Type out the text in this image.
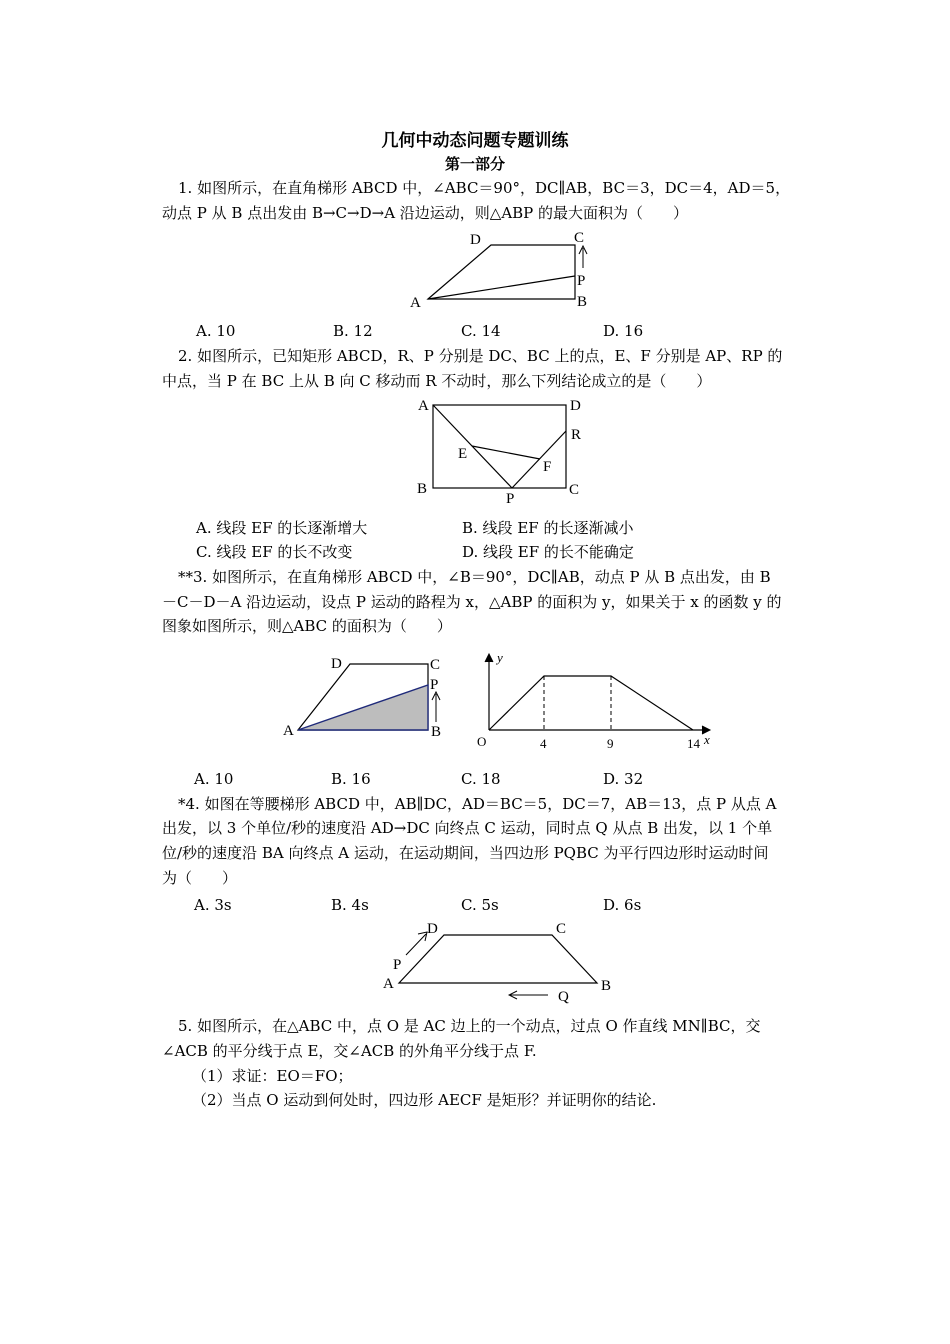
几何中动态问题专题训练
第一部分
1. 如图所示，在直角梯形 ABCD 中，∠ABC＝90°，DC∥AB，BC＝3，DC＝4，AD＝5，
动点 P 从 B 点出发由 B→C→D→A 沿边运动，则△ABP 的最大面积为（　　）
D	C
P
A	B
A. 10	B. 12	C. 14	D. 16
2. 如图所示，已知矩形 ABCD，R、P 分别是 DC、BC 上的点，E、F 分别是 AP、RP 的
中点，当 P 在 BC 上从 B 向 C 移动而 R 不动时，那么下列结论成立的是（　　）
A	D
R
E
F
B
P
C
A. 线段 EF 的长逐渐增大	B. 线段 EF 的长逐渐减小
C. 线段 EF 的长不改变	D. 线段 EF 的长不能确定
**3. 如图所示，在直角梯形 ABCD 中，∠B＝90°，DC∥AB，动点 P 从 B 点出发，由 B
－C－D－A 沿边运动，设点 P 运动的路程为 x，△ABP 的面积为 y，如果关于 x 的函数 y 的
图象如图所示，则△ABC 的面积为（　　）
D	C
P
A	B
y
O	4	9	14 x
A. 10	B. 16	C. 18	D. 32
*4. 如图在等腰梯形 ABCD 中，AB∥DC，AD＝BC＝5，DC＝7，AB＝13，点 P 从点 A
出发，以 3 个单位/秒的速度沿 AD→DC 向终点 C 运动，同时点 Q 从点 B 出发，以 1 个单
位/秒的速度沿 BA 向终点 A 运动，在运动期间，当四边形 PQBC 为平行四边形时运动时间
为（　　）
A. 3s	B. 4s	C. 5s	D. 6s
D	C
P
A	B
Q
5. 如图所示，在△ABC 中，点 O 是 AC 边上的一个动点，过点 O 作直线 MN∥BC，交
∠ACB 的平分线于点 E，交∠ACB 的外角平分线于点 F.
（1）求证：EO＝FO；
（2）当点 O 运动到何处时，四边形 AECF 是矩形？并证明你的结论.
